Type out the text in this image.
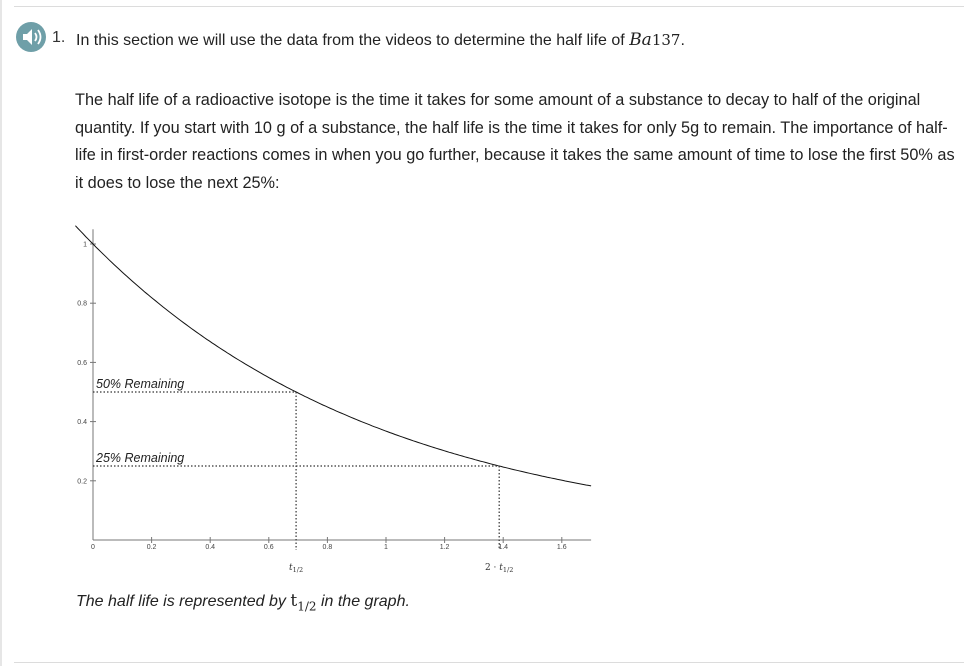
1. In this section we will use the data from the videos to determine the half life of Ba137.
The half life of a radioactive isotope is the time it takes for some amount of a substance to decay to half of the original quantity. If you start with 10 g of a substance, the half life is the time it takes for only 5g to remain. The importance of half-life in first-order reactions comes in when you go further, because it takes the same amount of time to lose the first 50% as it does to lose the next 25%:
0	0.2	0.4	0.6	0.8	1	1.2	1.4	1.6
0.2
0.4
0.6
0.8
1
50% Remaining
25% Remaining
$t_{1/2}$	$2 \cdot t_{1/2}$
The half life is represented by $t_{1/2}$ in the graph.
